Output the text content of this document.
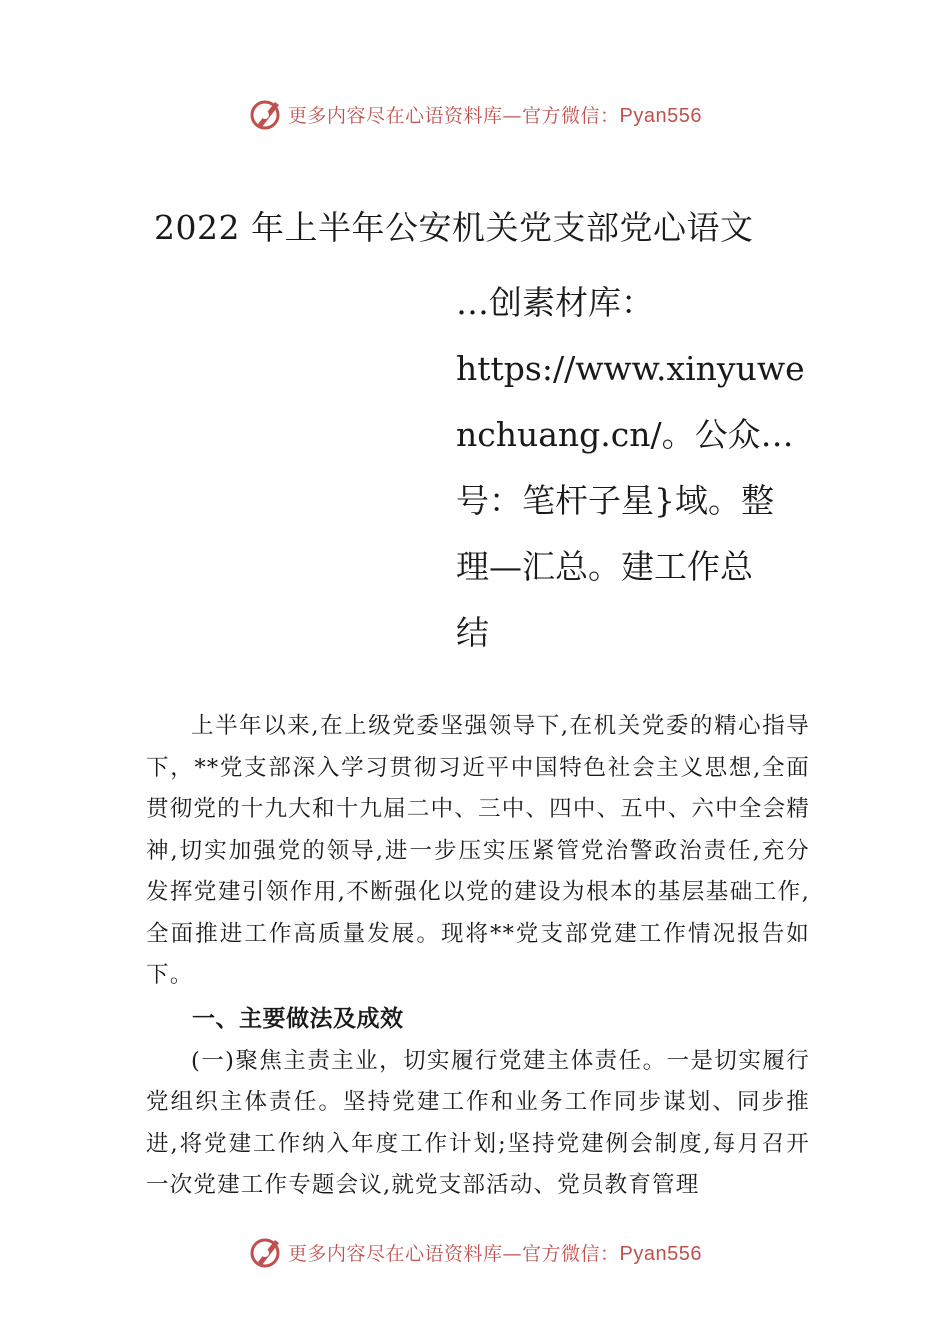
更多内容尽在心语资料库—官方微信：Pyan556
2022 年上半年公安机关党支部党心语文
…创素材库：
https://www.xinyuwe
nchuang.cn/。公众…
号：笔杆子星}域。整
理—汇总。建工作总
结

上半年以来,在上级党委坚强领导下,在机关党委的精心指导下，**党支部深入学习贯彻习近平中国特色社会主义思想,全面贯彻党的十九大和十九届二中、三中、四中、五中、六中全会精神,切实加强党的领导,进一步压实压紧管党治警政治责任,充分发挥党建引领作用,不断强化以党的建设为根本的基层基础工作,全面推进工作高质量发展。现将**党支部党建工作情况报告如下。

一、主要做法及成效

(一)聚焦主责主业，切实履行党建主体责任。一是切实履行党组织主体责任。坚持党建工作和业务工作同步谋划、同步推进,将党建工作纳入年度工作计划;坚持党建例会制度,每月召开一次党建工作专题会议,就党支部活动、党员教育管理

更多内容尽在心语资料库—官方微信：Pyan556
